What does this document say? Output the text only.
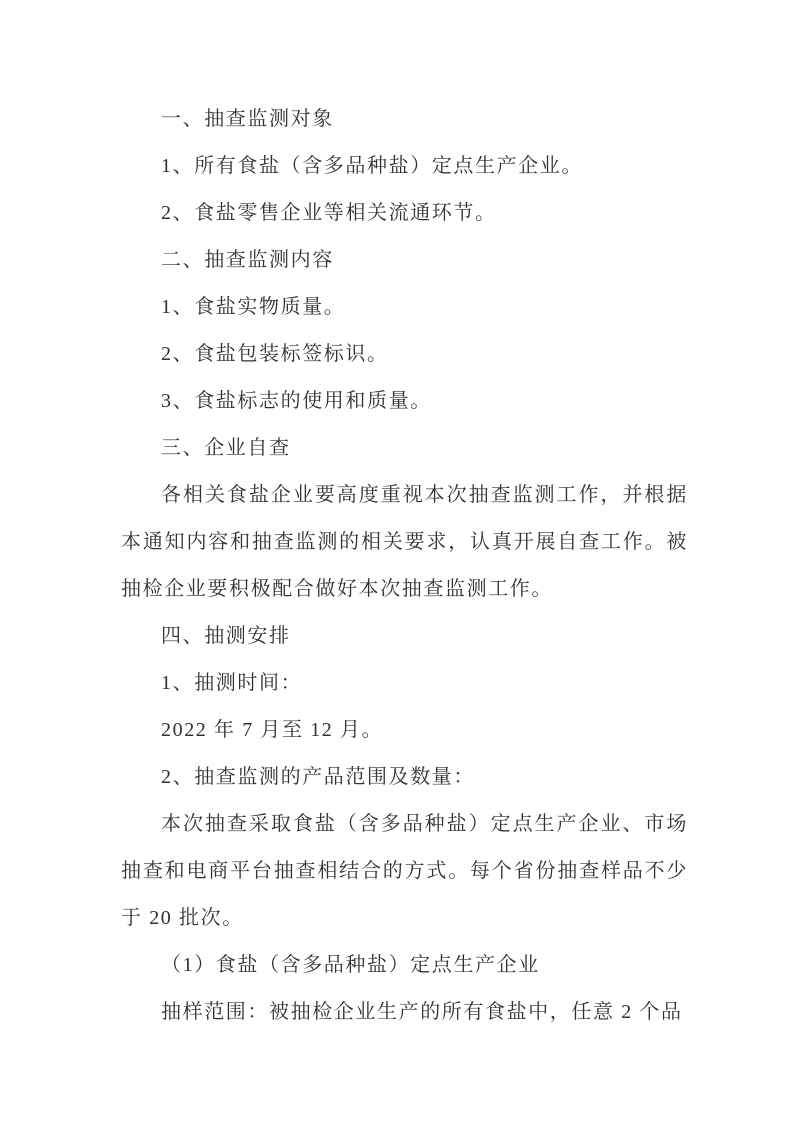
一、抽查监测对象

1、所有食盐（含多品种盐）定点生产企业。

2、食盐零售企业等相关流通环节。

二、抽查监测内容

1、食盐实物质量。

2、食盐包装标签标识。

3、食盐标志的使用和质量。

三、企业自查

各相关食盐企业要高度重视本次抽查监测工作，并根据本通知内容和抽查监测的相关要求，认真开展自查工作。被抽检企业要积极配合做好本次抽查监测工作。

四、抽测安排

1、抽测时间：

2022 年 7 月至 12 月。

2、抽查监测的产品范围及数量：

本次抽查采取食盐（含多品种盐）定点生产企业、市场抽查和电商平台抽查相结合的方式。每个省份抽查样品不少于 20 批次。

（1）食盐（含多品种盐）定点生产企业

抽样范围：被抽检企业生产的所有食盐中，任意 2 个品
